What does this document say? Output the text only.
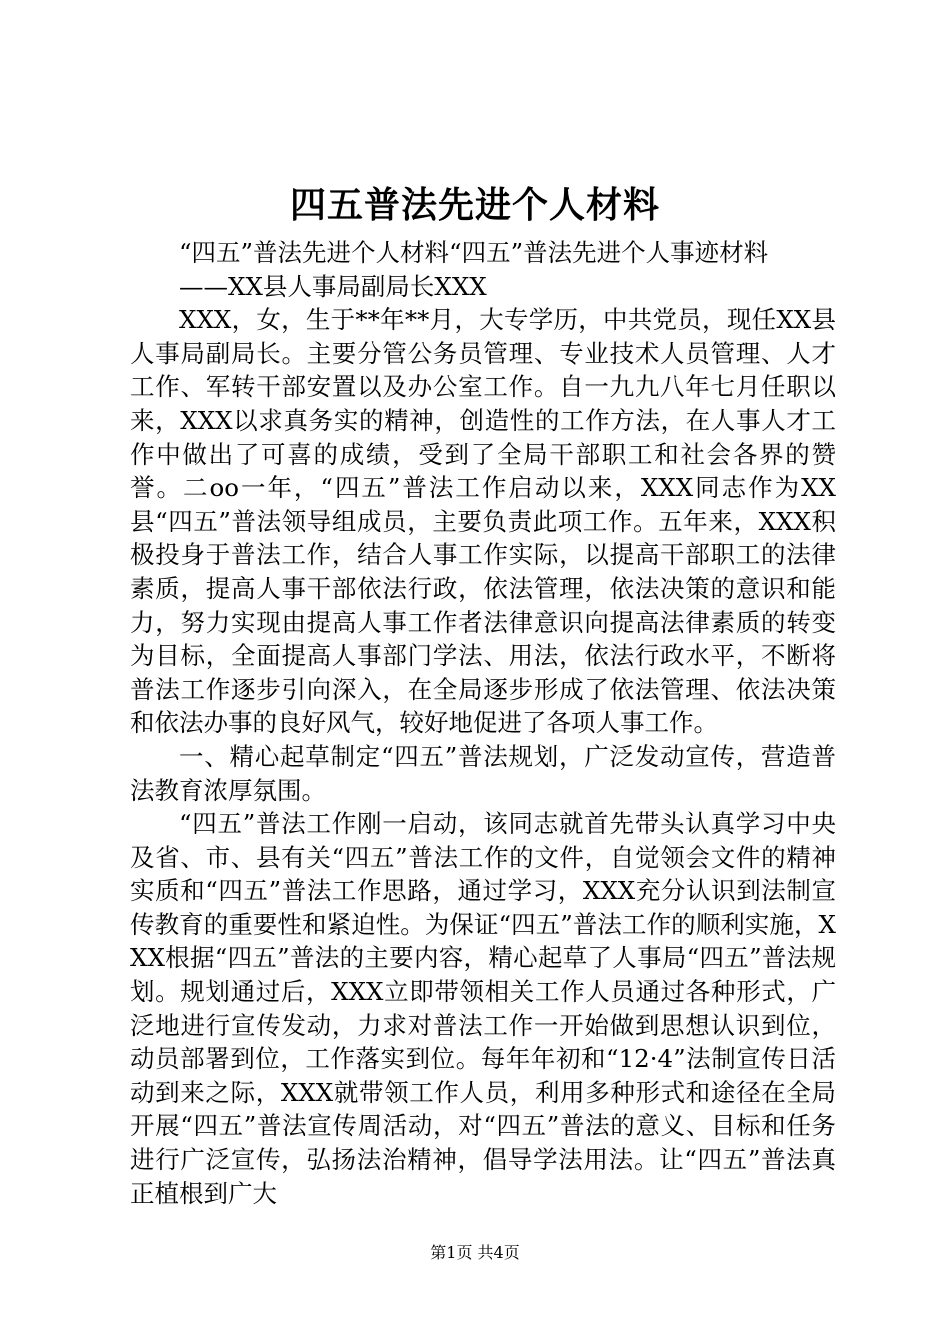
四五普法先进个人材料

“四五”普法先进个人材料“四五”普法先进个人事迹材料

——XX县人事局副局长XXX

XXX，女，生于**年**月，大专学历，中共党员，现任XX县人事局副局长。主要分管公务员管理、专业技术人员管理、人才工作、军转干部安置以及办公室工作。自一九九八年七月任职以来，XXX以求真务实的精神，创造性的工作方法，在人事人才工作中做出了可喜的成绩，受到了全局干部职工和社会各界的赞誉。二oo一年，“四五”普法工作启动以来，XXX同志作为XX县“四五”普法领导组成员，主要负责此项工作。五年来，XXX积极投身于普法工作，结合人事工作实际，以提高干部职工的法律素质，提高人事干部依法行政，依法管理，依法决策的意识和能力，努力实现由提高人事工作者法律意识向提高法律素质的转变为目标，全面提高人事部门学法、用法，依法行政水平，不断将普法工作逐步引向深入，在全局逐步形成了依法管理、依法决策和依法办事的良好风气，较好地促进了各项人事工作。

一、精心起草制定“四五”普法规划，广泛发动宣传，营造普法教育浓厚氛围。

“四五”普法工作刚一启动，该同志就首先带头认真学习中央及省、市、县有关“四五”普法工作的文件，自觉领会文件的精神实质和“四五”普法工作思路，通过学习，XXX充分认识到法制宣传教育的重要性和紧迫性。为保证“四五”普法工作的顺利实施，XXX根据“四五”普法的主要内容，精心起草了人事局“四五”普法规划。规划通过后，XXX立即带领相关工作人员通过各种形式，广泛地进行宣传发动，力求对普法工作一开始做到思想认识到位，动员部署到位，工作落实到位。每年年初和“12·4”法制宣传日活动到来之际，XXX就带领工作人员，利用多种形式和途径在全局开展“四五”普法宣传周活动，对“四五”普法的意义、目标和任务进行广泛宣传，弘扬法治精神，倡导学法用法。让“四五”普法真正植根到广大

第1页 共4页
